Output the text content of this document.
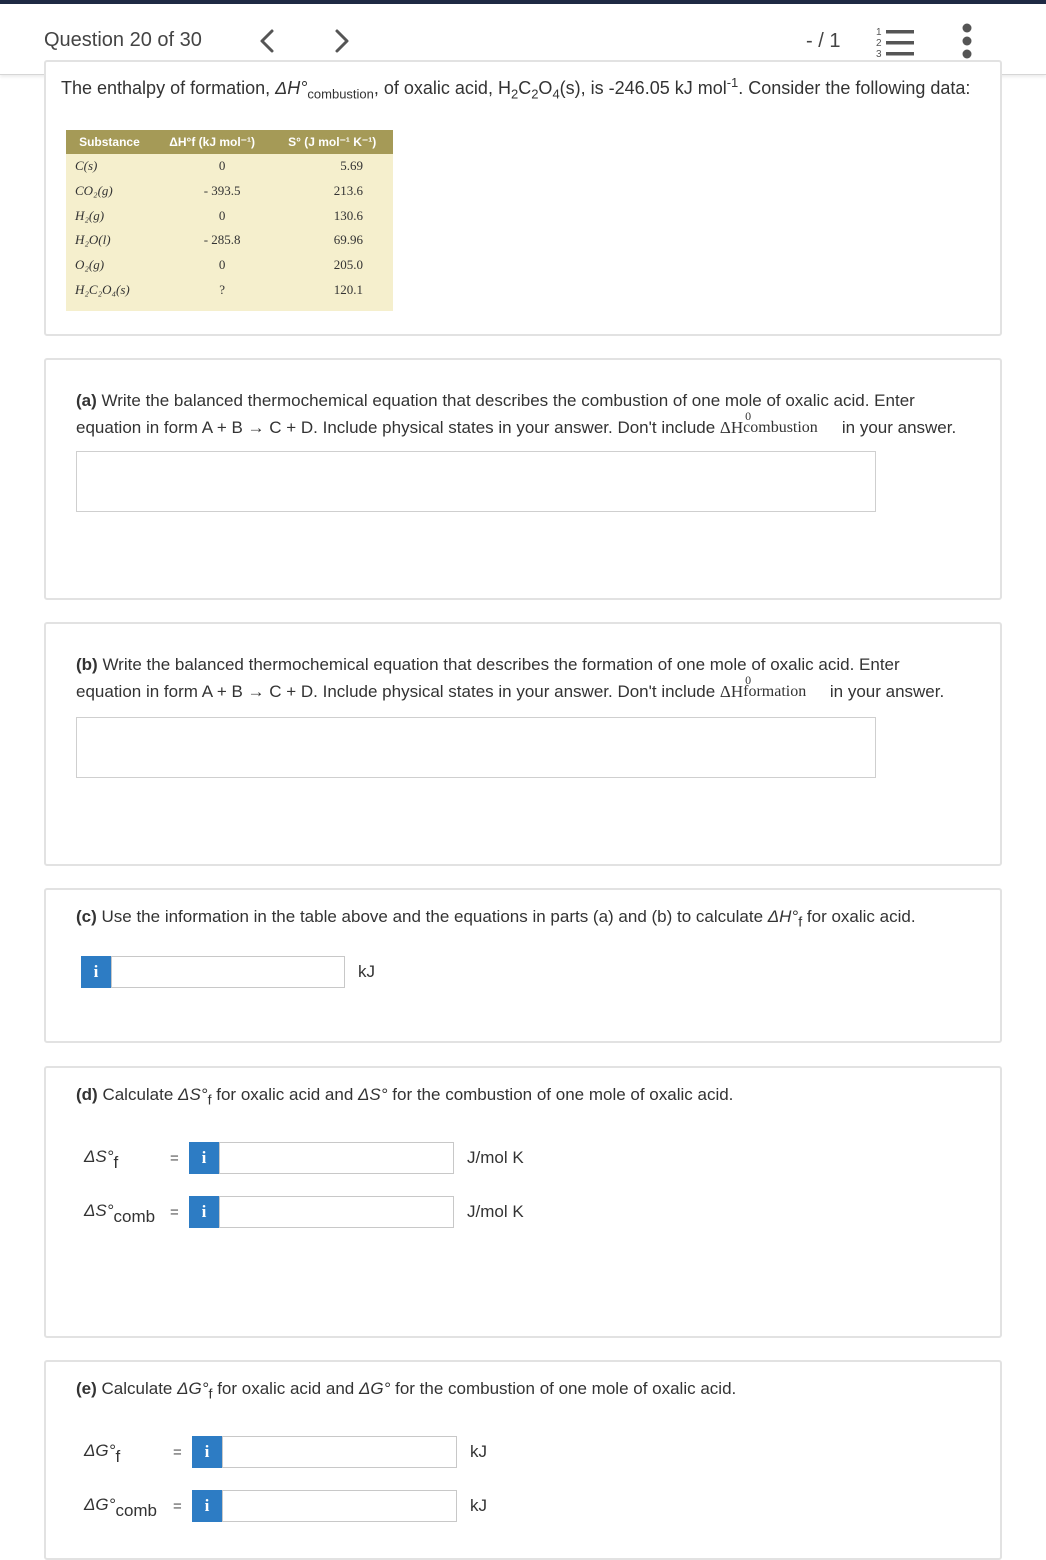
Question 20 of 30	- / 1	1
2
3
The enthalpy of formation, $\Delta H^\circ_{combustion}$, of oxalic acid, $H_2C_2O_4(s)$, is -246.05 kJ mol$^{-1}$. Consider the following data:
Substance	ΔH°f (kJ mol⁻¹)	S° (J mol⁻¹ K⁻¹)
C(s)	0	5.69
CO₂(g)	- 393.5	213.6
H₂(g)	0	130.6
H₂O(l)	- 285.8	69.96
O₂(g)	0	205.0
H₂C₂O₄(s)	?	120.1
(a) Write the balanced thermochemical equation that describes the combustion of one mole of oxalic acid. Enter
equation in form A + B → C + D. Include physical states in your answer. Don't include ΔH
0
combustion in your answer.
(b) Write the balanced thermochemical equation that describes the formation of one mole of oxalic acid. Enter
equation in form A + B → C + D. Include physical states in your answer. Don't include ΔH
0
formation in your answer.
(c) Use the information in the table above and the equations in parts (a) and (b) to calculate $\Delta H^\circ_f$ for oxalic acid.
i	kJ
(d) Calculate $\Delta S^\circ_f$ for oxalic acid and ΔS° for the combustion of one mole of oxalic acid.
$\Delta S^\circ_f$	=	i	J/mol K
$\Delta S^\circ_{comb}$ =	i	J/mol K
(e) Calculate $\Delta G^\circ_f$ for oxalic acid and ΔG° for the combustion of one mole of oxalic acid.
$\Delta G^\circ_f$	=	i	kJ
$\Delta G^\circ_{comb}$ =	i	kJ
